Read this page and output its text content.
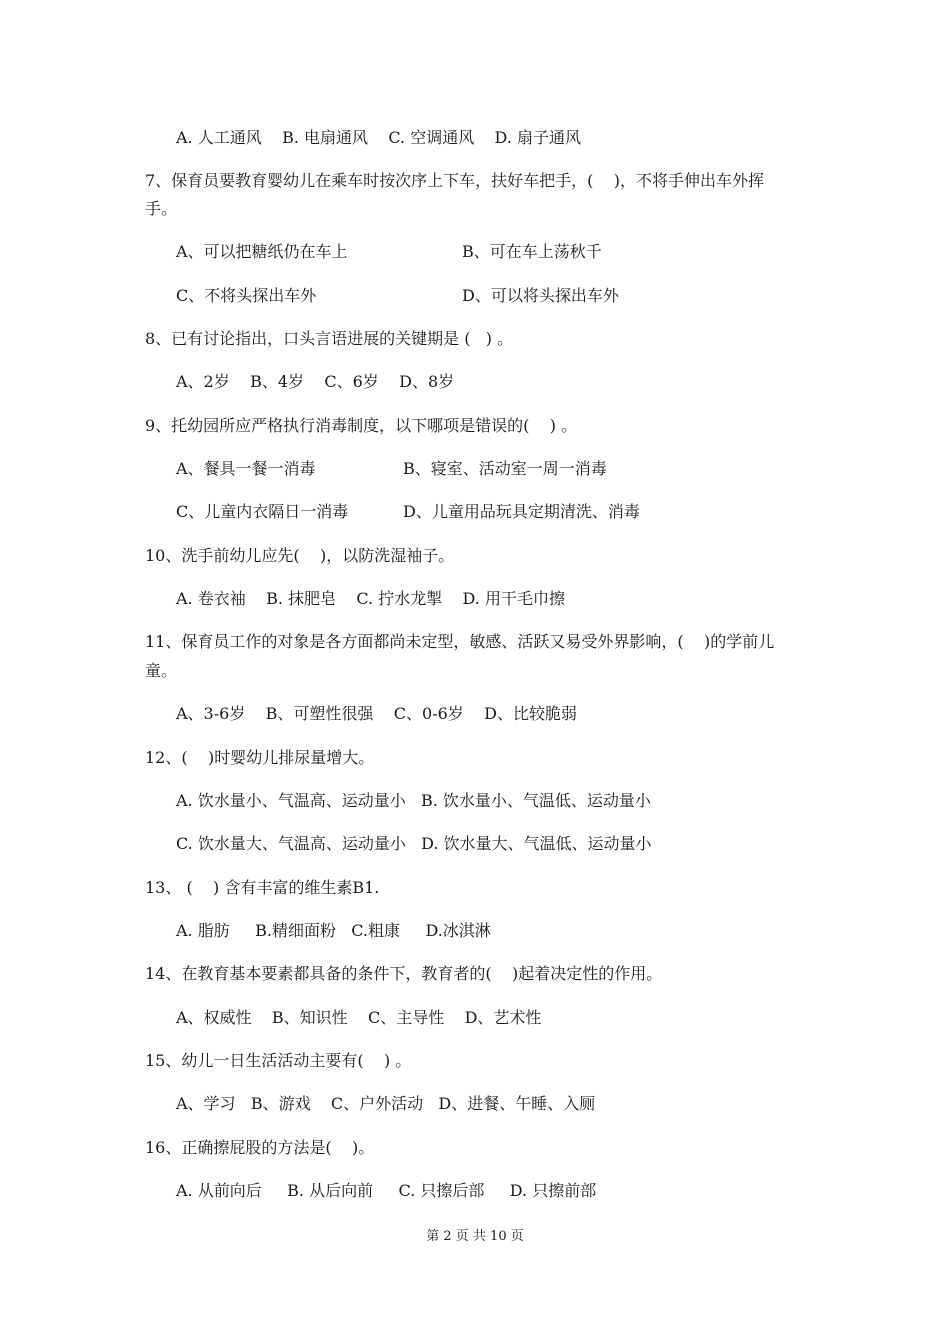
A. 人工通风    B. 电扇通风    C. 空调通风    D. 扇子通风
7、保育员要教育婴幼儿在乘车时按次序上下车，扶好车把手，(    )，不将手伸出车外挥
手。
A、可以把糖纸仍在车上	B、可在车上荡秋千
C、不将头探出车外	D、可以将头探出车外
8、已有讨论指出，口头言语进展的关键期是 (   ) 。
A、2岁    B、4岁    C、6岁    D、8岁
9、托幼园所应严格执行消毒制度，以下哪项是错误的(    ) 。
A、餐具一餐一消毒	B、寝室、活动室一周一消毒
C、儿童内衣隔日一消毒	D、儿童用品玩具定期清洗、消毒
10、洗手前幼儿应先(    )，以防洗湿袖子。
A. 卷衣袖    B. 抹肥皂    C. 拧水龙掣    D. 用干毛巾擦
11、保育员工作的对象是各方面都尚未定型，敏感、活跃又易受外界影响，(    )的学前儿
童。
A、3-6岁    B、可塑性很强    C、0-6岁    D、比较脆弱
12、(    )时婴幼儿排尿量增大。
A. 饮水量小、气温高、运动量小   B. 饮水量小、气温低、运动量小
C. 饮水量大、气温高、运动量小   D. 饮水量大、气温低、运动量小
13、 (    ) 含有丰富的维生素B1.
A. 脂肪     B.精细面粉   C.粗康     D.冰淇淋
14、在教育基本要素都具备的条件下，教育者的(    )起着决定性的作用。
A、权威性    B、知识性    C、主导性    D、艺术性
15、幼儿一日生活活动主要有(    ) 。
A、学习   B、游戏    C、户外活动   D、进餐、午睡、入厕
16、正确擦屁股的方法是(    )。
A. 从前向后     B. 从后向前     C. 只擦后部     D. 只擦前部
第 2 页 共 10 页
